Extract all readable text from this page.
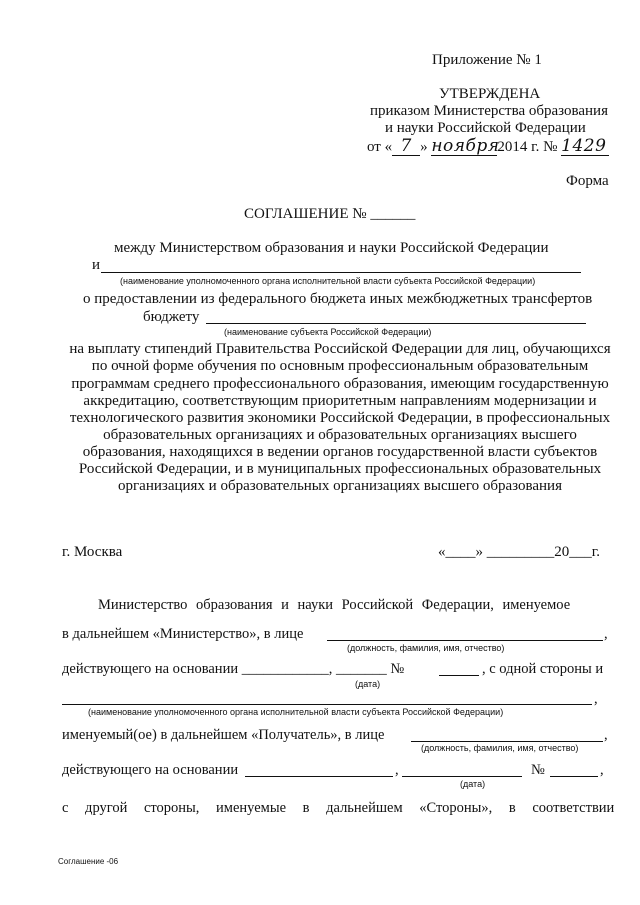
Приложение № 1
УТВЕРЖДЕНА
приказом Министерства образования
и науки Российской Федерации
от « 7 » ноября2014 г. № 1429
Форма
СОГЛАШЕНИЕ № ______
между Министерством образования и науки Российской Федерации
и
(наименование уполномоченного органа исполнительной власти субъекта Российской Федерации)
о предоставлении из федерального бюджета иных межбюджетных трансфертов
бюджету
(наименование субъекта Российской Федерации)
на выплату стипендий Правительства Российской Федерации для лиц, обучающихся
по очной форме обучения по основным профессиональным образовательным
программам среднего профессионального образования, имеющим государственную
аккредитацию, соответствующим приоритетным направлениям модернизации и
технологического развития экономики Российской Федерации, в профессиональных
образовательных организациях и образовательных организациях высшего
образования, находящихся в ведении органов государственной власти субъектов
Российской Федерации, и в муниципальных профессиональных образовательных
организациях и образовательных организациях высшего образования
г. Москва	«____» _________20___г.
Министерство образования и науки Российской Федерации, именуемое
в дальнейшем «Министерство», в лице	,
(должность, фамилия, имя, отчество)
действующего на основании ____________, _______ №	, с одной стороны и
(дата)
,
(наименование уполномоченного органа исполнительной власти субъекта Российской Федерации)
именуемый(ое) в дальнейшем «Получатель», в лице	,
(должность, фамилия, имя, отчество)
действующего на основании	,	№	,
(дата)
с другой стороны, именуемые в дальнейшем «Стороны», в соответствии
Соглашение -06
